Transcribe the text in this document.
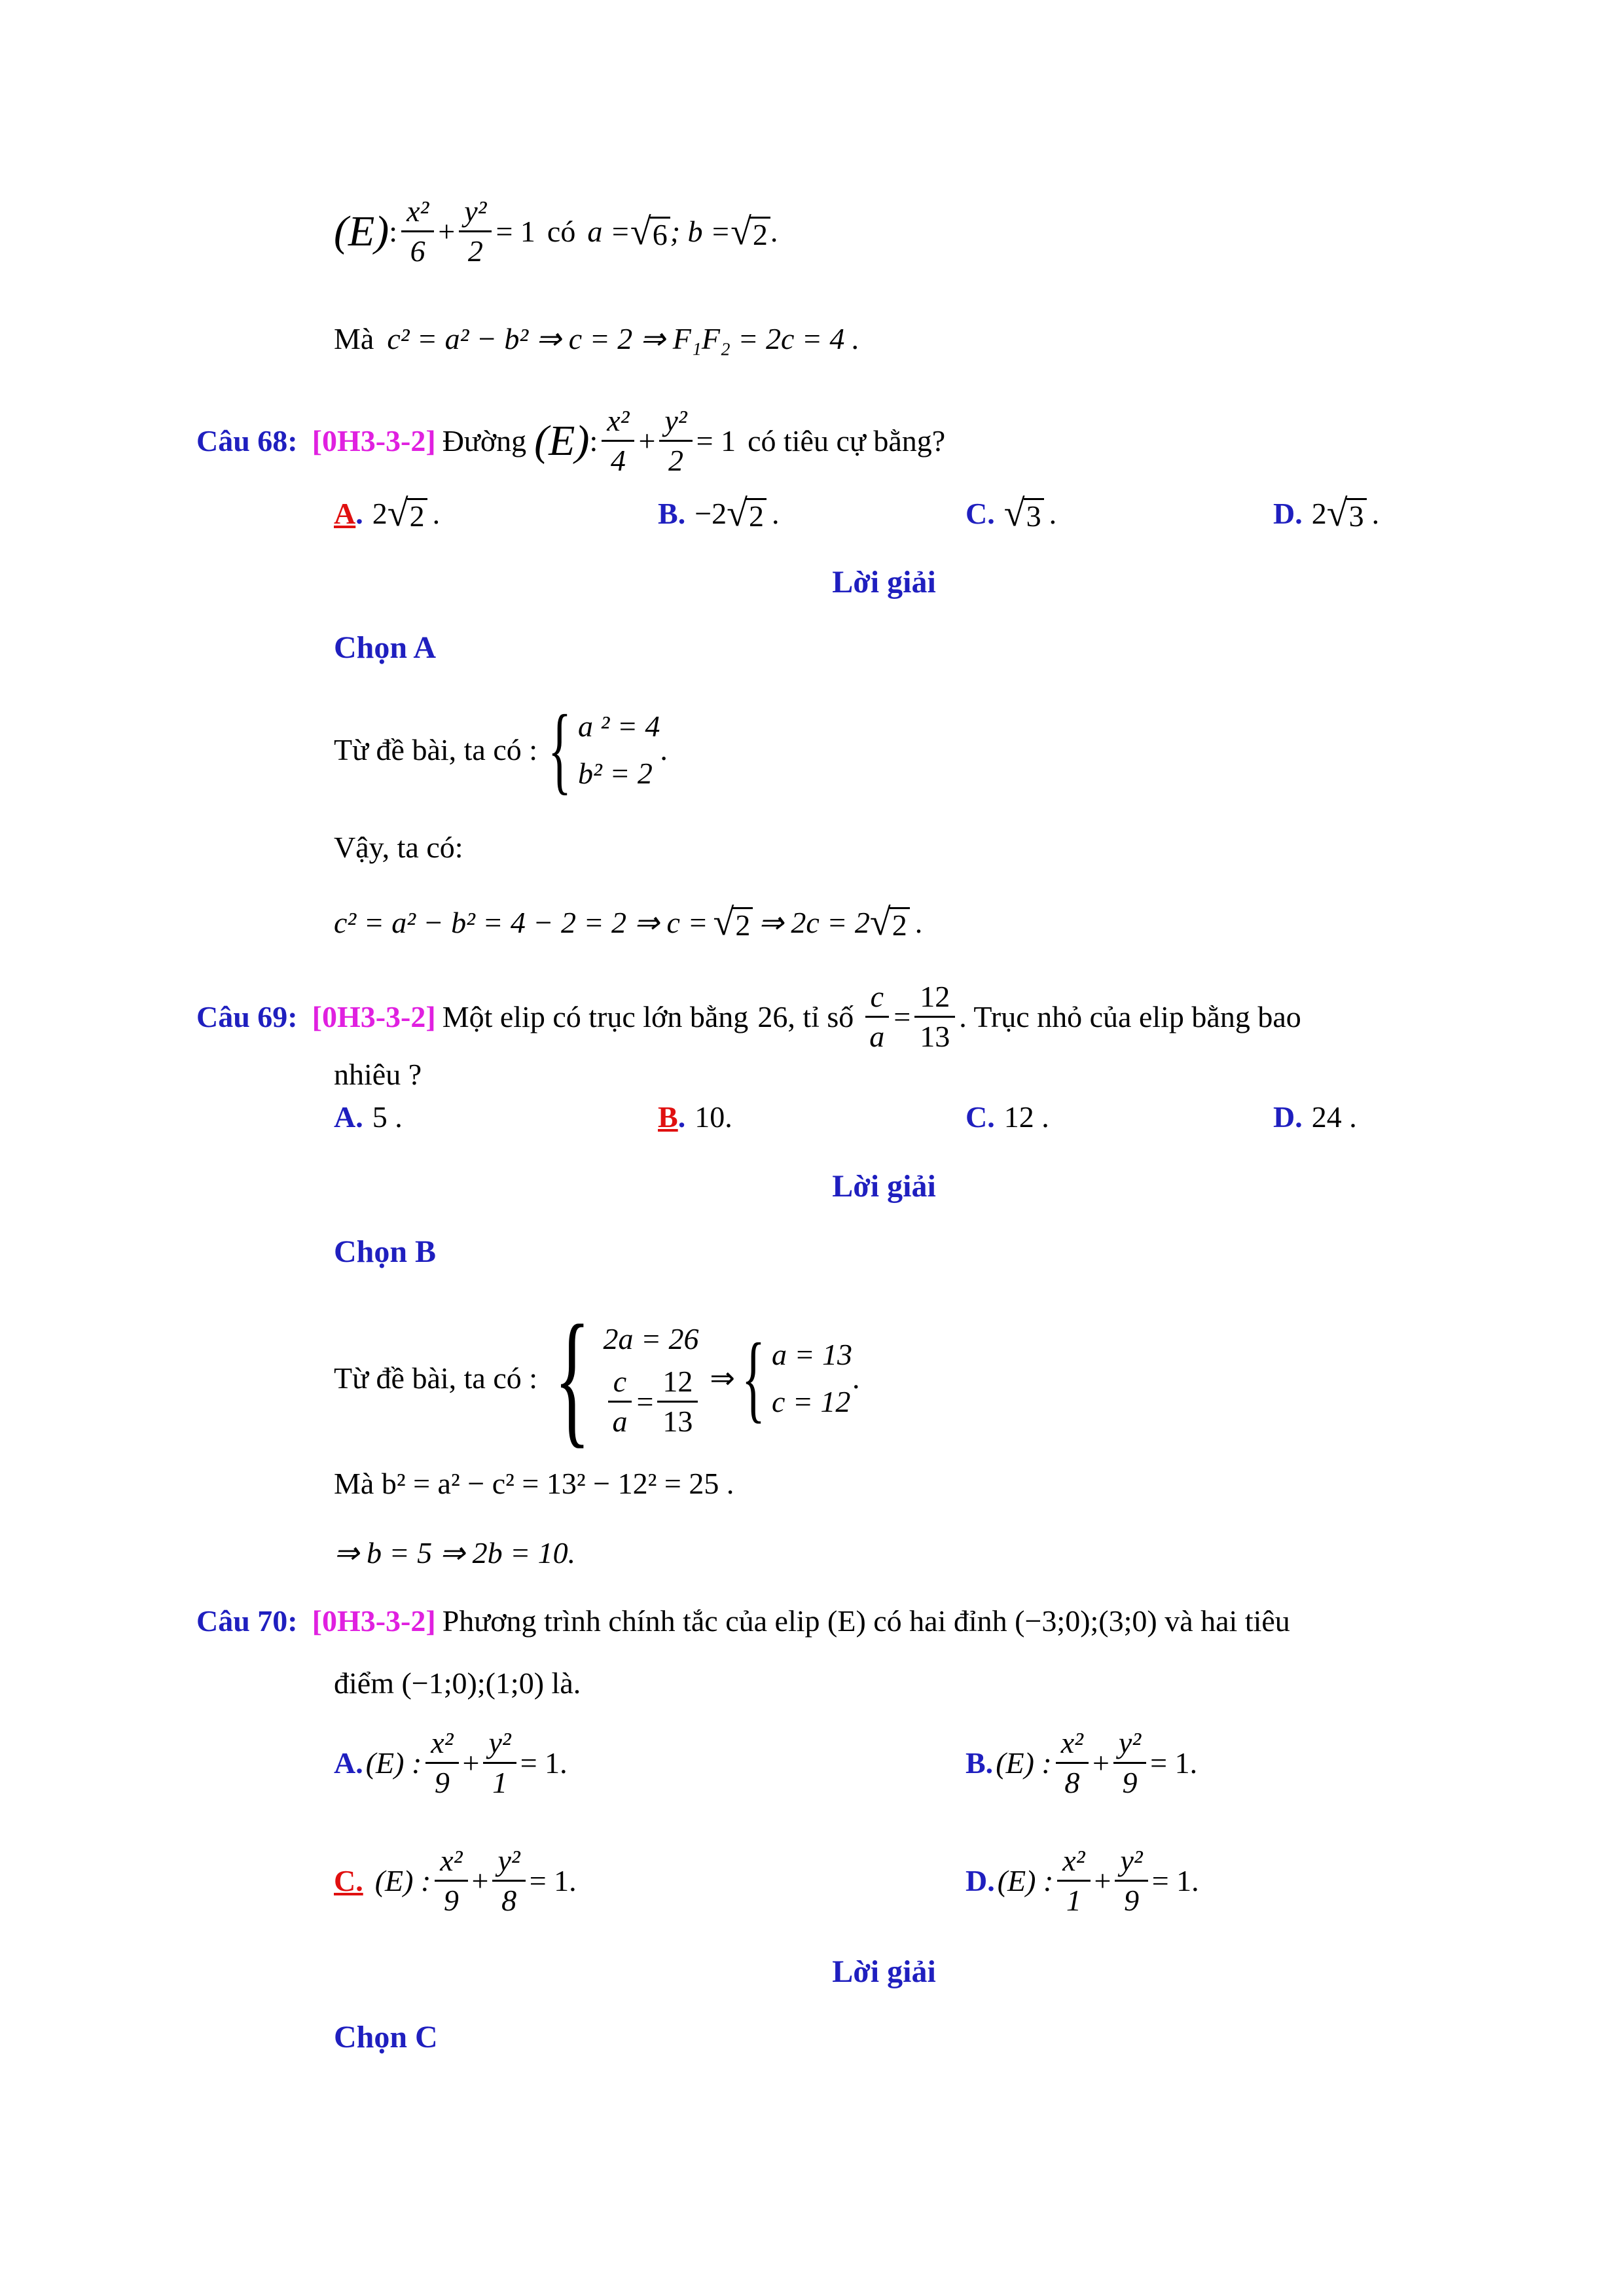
(E) : $\frac{\text{x²}}{6} + \frac{\text{y²}}{2} = 1$ có a = √ 6 ; b = √ 2 .
Mà c² = a² − b² ⇒ c = 2 ⇒ F₁F₂ = 2c = 4 .
Câu 68: [0H3-3-2] Đường (E) : $\frac{\text{x²}}{4} + \frac{\text{y²}}{2} = 1$ có tiêu cự bằng?
A . 2 √ 2 .	B . −2 √ 2 .	C . √ 3 .	D . 2 √ 3 .
Lời giải
Chọn A
Từ đề bài, ta có : { a ² = 4
b² = 2
.
Vậy, ta có:
c² = a² − b² = 4 − 2 = 2 ⇒ c = √ 2 ⇒ 2c = 2 √ 2 .
Câu 69: [0H3-3-2] Một elip có trục lớn bằng 26 , tỉ số $\frac{c}{a} = \frac{12}{13}$ . Trục nhỏ của elip bằng bao
nhiêu ?
A . 5 .	B . 10.	C . 12 .	D . 24 .
Lời giải
Chọn B
Từ đề bài, ta có : { 2a = 26
$\frac{c}{a} = \frac{12}{13}$ ⇒ { a = 13
c = 12
.
Mà b² = a² − c² = 13² − 12² = 25 .
⇒ b = 5 ⇒ 2b = 10.
Câu 70: [0H3-3-2] Phương trình chính tắc của elip (E) có hai đỉnh (−3;0);(3;0) và hai tiêu
điểm (−1;0);(1;0) là.
A. (E) : $\frac{\text{x²}}{9} + \frac{\text{y²}}{1} = 1$.	B. (E) : $\frac{\text{x²}}{8} + \frac{\text{y²}}{9} = 1$.
C. (E) : $\frac{\text{x²}}{9} + \frac{\text{y²}}{8} = 1$.	D. (E) : $\frac{\text{x²}}{1} + \frac{\text{y²}}{9} = 1$.
Lời giải
Chọn C
